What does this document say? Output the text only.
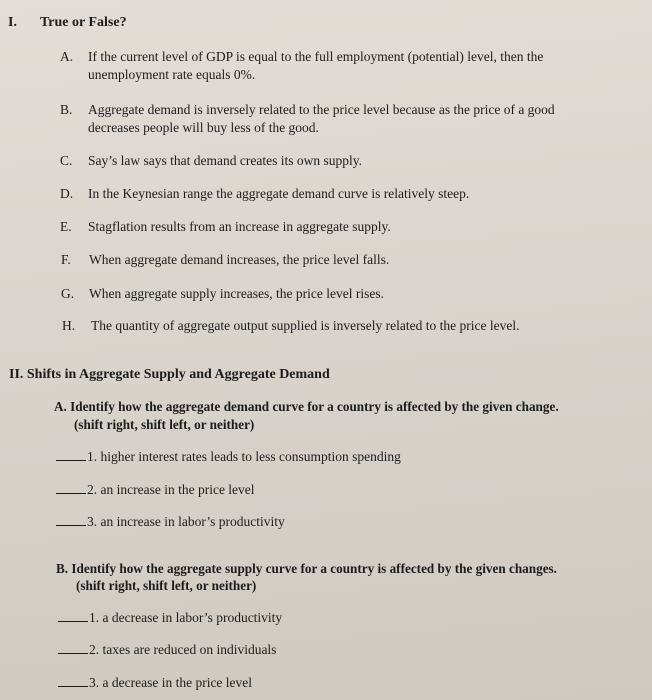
I. True or False?
A. If the current level of GDP is equal to the full employment (potential) level, then the
unemployment rate equals 0%.
B. Aggregate demand is inversely related to the price level because as the price of a good
decreases people will buy less of the good.
C. Say’s law says that demand creates its own supply.
D. In the Keynesian range the aggregate demand curve is relatively steep.
E. Stagflation results from an increase in aggregate supply.
F. When aggregate demand increases, the price level falls.
G. When aggregate supply increases, the price level rises.
H. The quantity of aggregate output supplied is inversely related to the price level.
II. Shifts in Aggregate Supply and Aggregate Demand
A. Identify how the aggregate demand curve for a country is affected by the given change.
(shift right, shift left, or neither)
1. higher interest rates leads to less consumption spending
2. an increase in the price level
3. an increase in labor’s productivity
B. Identify how the aggregate supply curve for a country is affected by the given changes.
(shift right, shift left, or neither)
1. a decrease in labor’s productivity
2. taxes are reduced on individuals
3. a decrease in the price level
